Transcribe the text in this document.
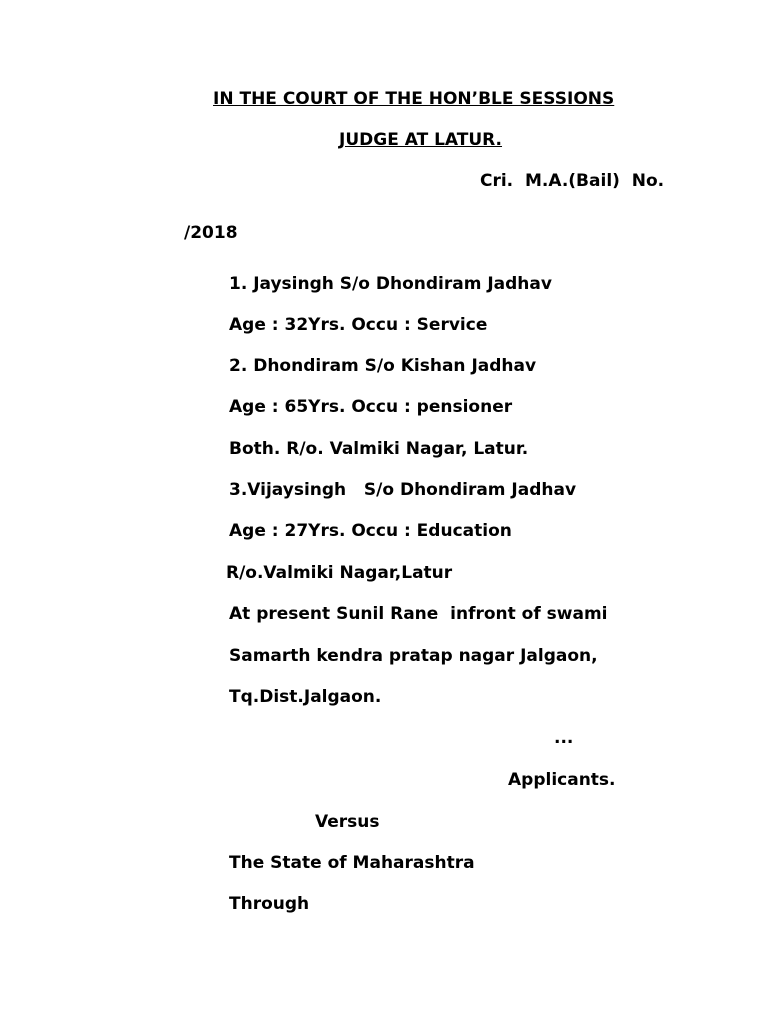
IN THE COURT OF THE HON’BLE SESSIONS
JUDGE AT LATUR.
Cri.  M.A.(Bail)  No.
/2018
1. Jaysingh S/o Dhondiram Jadhav
Age : 32Yrs. Occu : Service
2. Dhondiram S/o Kishan Jadhav
Age : 65Yrs. Occu : pensioner
Both. R/o. Valmiki Nagar, Latur.
3.Vijaysingh   S/o Dhondiram Jadhav
Age : 27Yrs. Occu : Education
R/o.Valmiki Nagar,Latur
At present Sunil Rane  infront of swami
Samarth kendra pratap nagar Jalgaon,
Tq.Dist.Jalgaon.
...
Applicants.
Versus
The State of Maharashtra
Through
